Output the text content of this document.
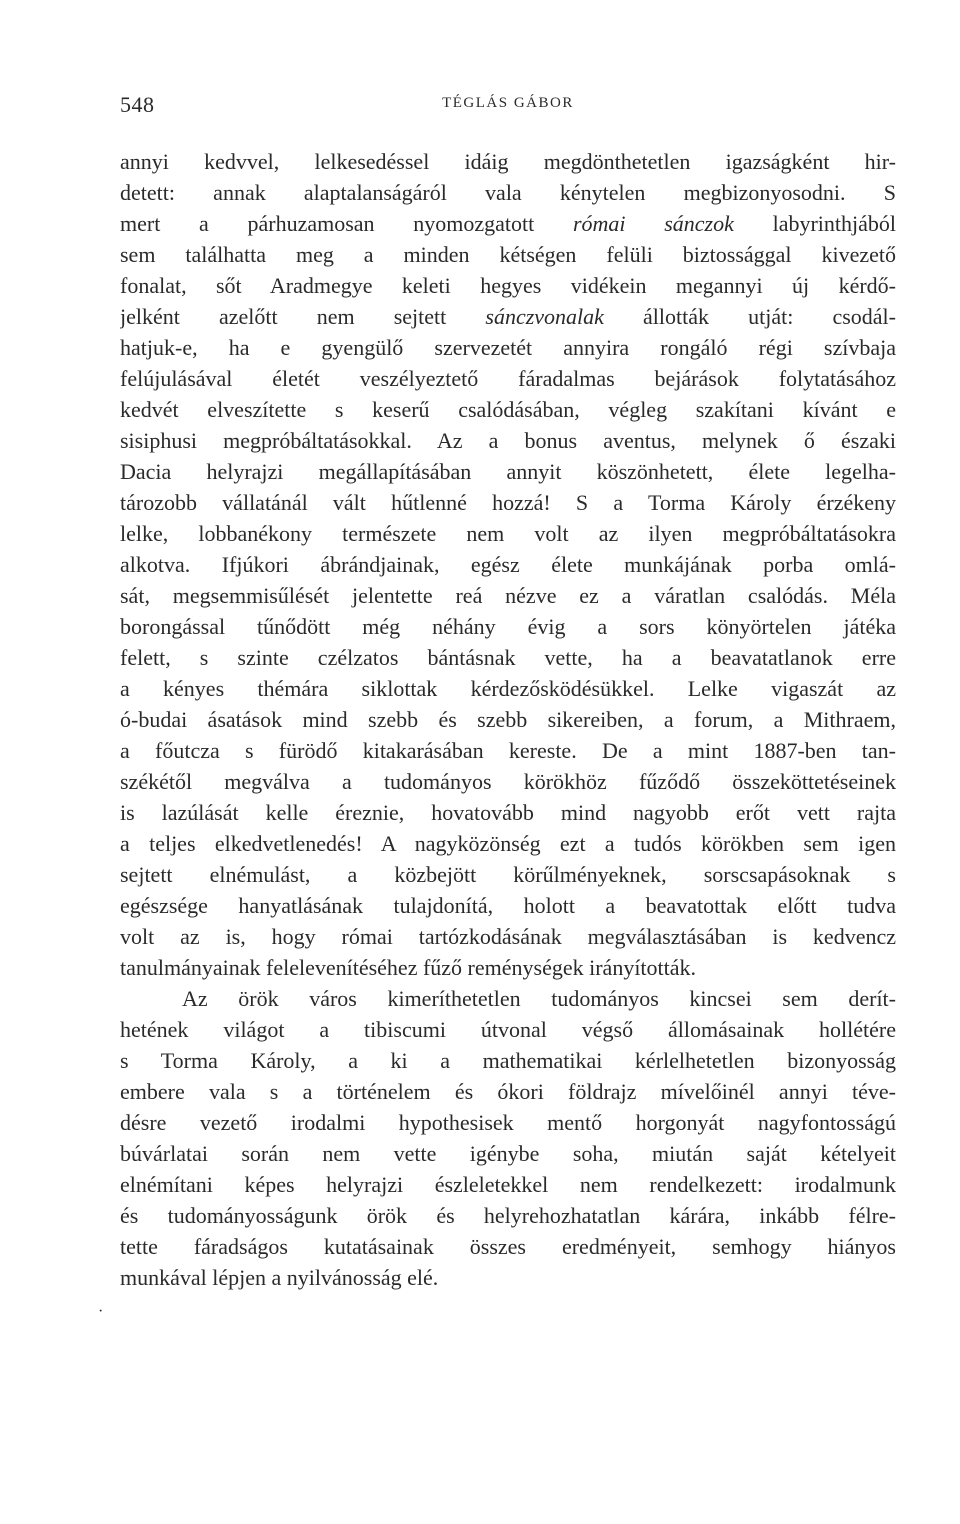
548	TÉGLÁS GÁBOR
annyi kedvvel, lelkesedéssel idáig megdönthetetlen igazságként hir-
detett: annak alaptalanságáról vala kénytelen megbizonyosodni. S
mert a párhuzamosan nyomozgatott római sánczok labyrinthjából
sem találhatta meg a minden kétségen felüli biztossággal kivezető
fonalat, sőt Aradmegye keleti hegyes vidékein megannyi új kérdő-
jelként azelőtt nem sejtett sánczvonalak állották utját: csodál-
hatjuk-e, ha e gyengülő szervezetét annyira rongáló régi szívbaja
felújulásával életét veszélyeztető fáradalmas bejárások folytatásához
kedvét elveszítette s keserű csalódásában, végleg szakítani kívánt e
sisiphusi megpróbáltatásokkal. Az a bonus aventus, melynek ő északi
Dacia helyrajzi megállapításában annyit köszönhetett, élete legelha-
tározobb vállatánál vált hűtlenné hozzá! S a Torma Károly érzékeny
lelke, lobbanékony természete nem volt az ilyen megpróbáltatásokra
alkotva. Ifjúkori ábrándjainak, egész élete munkájának porba omlá-
sát, megsemmisűlését jelentette reá nézve ez a váratlan csalódás. Méla
borongással tűnődött még néhány évig a sors könyörtelen játéka
felett, s szinte czélzatos bántásnak vette, ha a beavatatlanok erre
a kényes thémára siklottak kérdezősködésükkel. Lelke vigaszát az
ó-budai ásatások mind szebb és szebb sikereiben, a forum, a Mithraem,
a főutcza s fürödő kitakarásában kereste. De a mint 1887-ben tan-
székétől megválva a tudományos körökhöz fűződő összeköttetéseinek
is lazúlását kelle éreznie, hovatovább mind nagyobb erőt vett rajta
a teljes elkedvetlenedés! A nagyközönség ezt a tudós körökben sem igen
sejtett elnémulást, a közbejött körűlményeknek, sorscsapásoknak s
egészsége hanyatlásának tulajdonítá, holott a beavatottak előtt tudva
volt az is, hogy római tartózkodásának megválasztásában is kedvencz
tanulmányainak felelevenítéséhez fűző reménységek irányították.
Az örök város kimeríthetetlen tudományos kincsei sem derít-
hetének világot a tibiscumi útvonal végső állomásainak hollétére
s Torma Károly, a ki a mathematikai kérlelhetetlen bizonyosság
embere vala s a történelem és ókori földrajz mívelőinél annyi téve-
désre vezető irodalmi hypothesisek mentő horgonyát nagyfontosságú
búvárlatai során nem vette igénybe soha, miután saját kételyeit
elnémítani képes helyrajzi észleletekkel nem rendelkezett: irodalmunk
és tudományosságunk örök és helyrehozhatatlan kárára, inkább félre-
tette fáradságos kutatásainak összes eredményeit, semhogy hiányos
munkával lépjen a nyilvánosság elé.
·
